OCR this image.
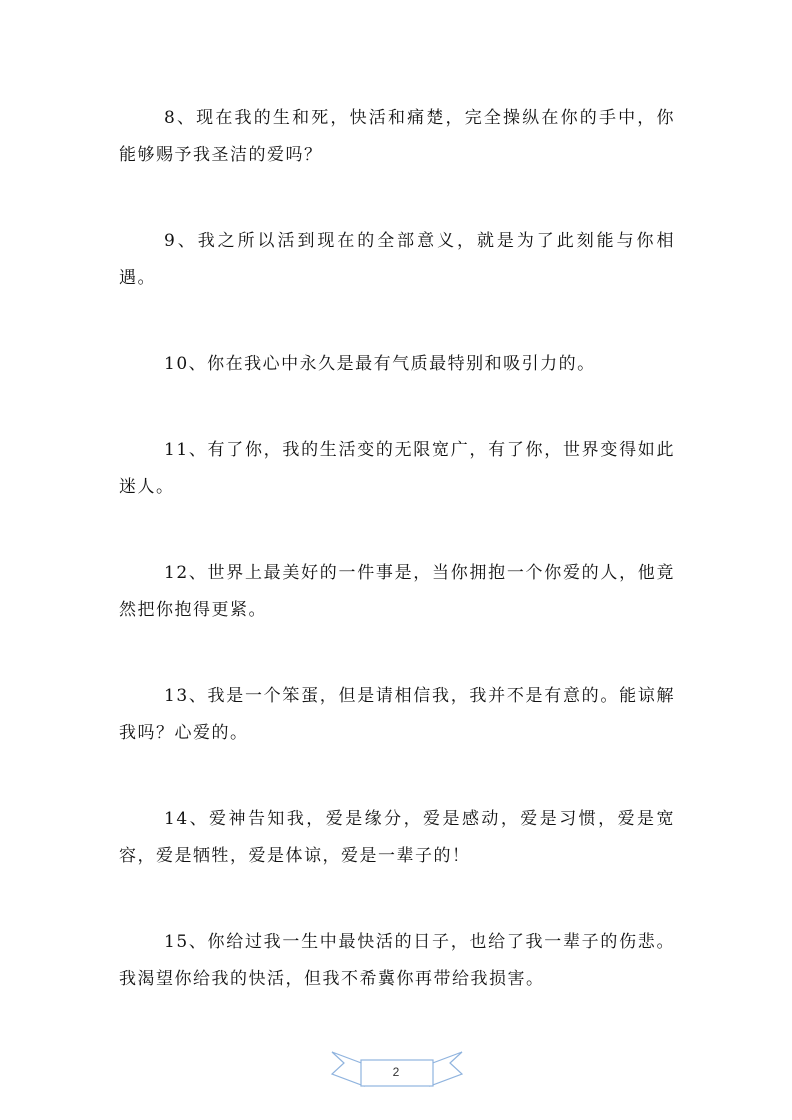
8、现在我的生和死，快活和痛楚，完全操纵在你的手中，你能够赐予我圣洁的爱吗？

9、我之所以活到现在的全部意义，就是为了此刻能与你相遇。

10、你在我心中永久是最有气质最特别和吸引力的。

11、有了你，我的生活变的无限宽广，有了你，世界变得如此迷人。

12、世界上最美好的一件事是，当你拥抱一个你爱的人，他竟然把你抱得更紧。

13、我是一个笨蛋，但是请相信我，我并不是有意的。能谅解我吗？心爱的。

14、爱神告知我，爱是缘分，爱是感动，爱是习惯，爱是宽容，爱是牺牲，爱是体谅，爱是一辈子的！

15、你给过我一生中最快活的日子，也给了我一辈子的伤悲。我渴望你给我的快活，但我不希冀你再带给我损害。

2
